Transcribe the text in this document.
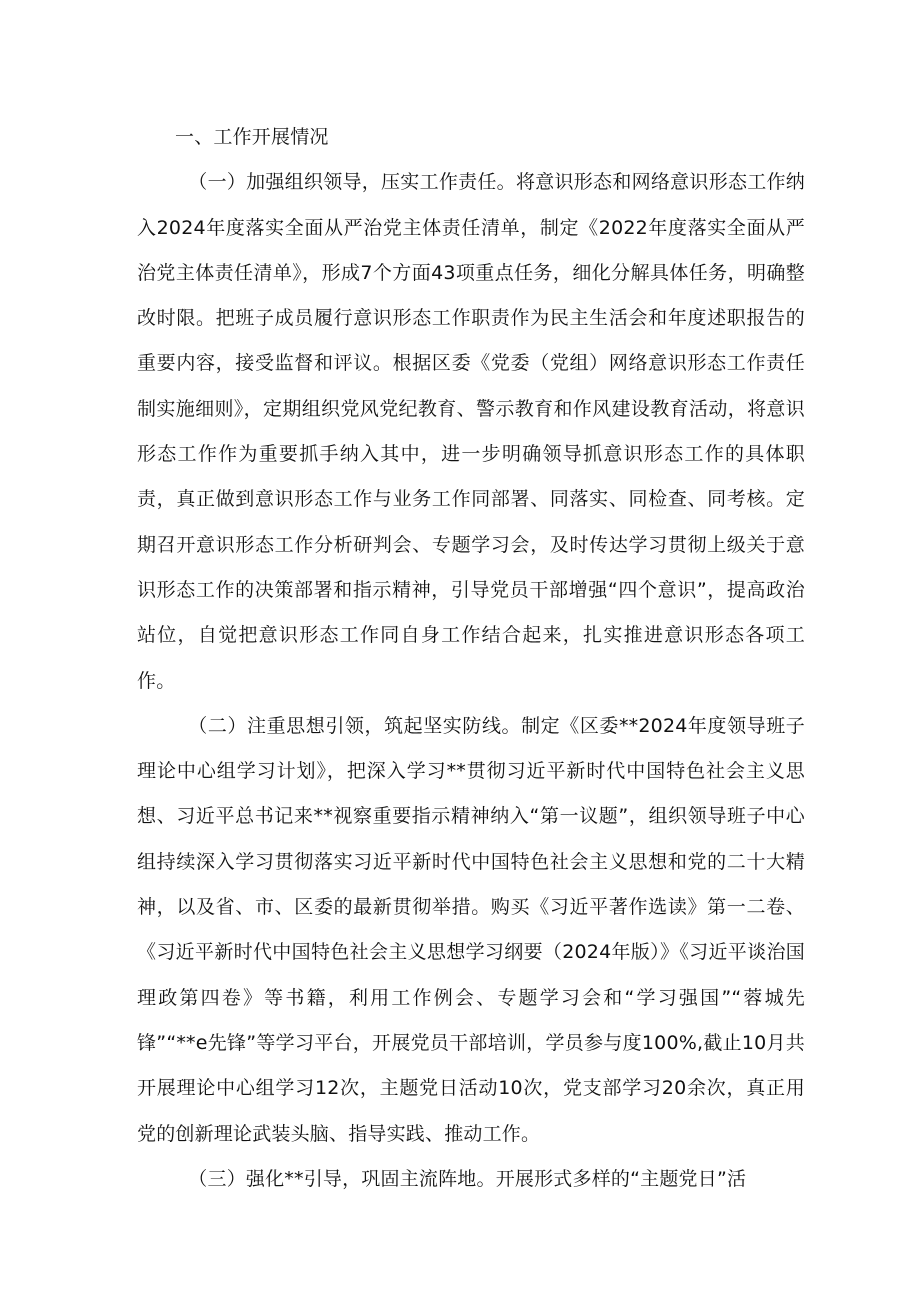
一、工作开展情况

（一）加强组织领导，压实工作责任。将意识形态和网络意识形态工作纳入2024年度落实全面从严治党主体责任清单，制定《2022年度落实全面从严治党主体责任清单》，形成7个方面43项重点任务，细化分解具体任务，明确整改时限。把班子成员履行意识形态工作职责作为民主生活会和年度述职报告的重要内容，接受监督和评议。根据区委《党委（党组）网络意识形态工作责任制实施细则》，定期组织党风党纪教育、警示教育和作风建设教育活动，将意识形态工作作为重要抓手纳入其中，进一步明确领导抓意识形态工作的具体职责，真正做到意识形态工作与业务工作同部署、同落实、同检查、同考核。定期召开意识形态工作分析研判会、专题学习会，及时传达学习贯彻上级关于意识形态工作的决策部署和指示精神，引导党员干部增强“四个意识”，提高政治站位，自觉把意识形态工作同自身工作结合起来，扎实推进意识形态各项工作。

（二）注重思想引领，筑起坚实防线。制定《区委**2024年度领导班子理论中心组学习计划》，把深入学习**贯彻习近平新时代中国特色社会主义思想、习近平总书记来**视察重要指示精神纳入“第一议题”，组织领导班子中心组持续深入学习贯彻落实习近平新时代中国特色社会主义思想和党的二十大精神，以及省、市、区委的最新贯彻举措。购买《习近平著作选读》第一二卷、《习近平新时代中国特色社会主义思想学习纲要（2024年版）》《习近平谈治国理政第四卷》等书籍，利用工作例会、专题学习会和“学习强国”“蓉城先锋”“**e先锋”等学习平台，开展党员干部培训，学员参与度100%,截止10月共开展理论中心组学习12次，主题党日活动10次，党支部学习20余次，真正用党的创新理论武装头脑、指导实践、推动工作。

（三）强化**引导，巩固主流阵地。开展形式多样的“主题党日”活
